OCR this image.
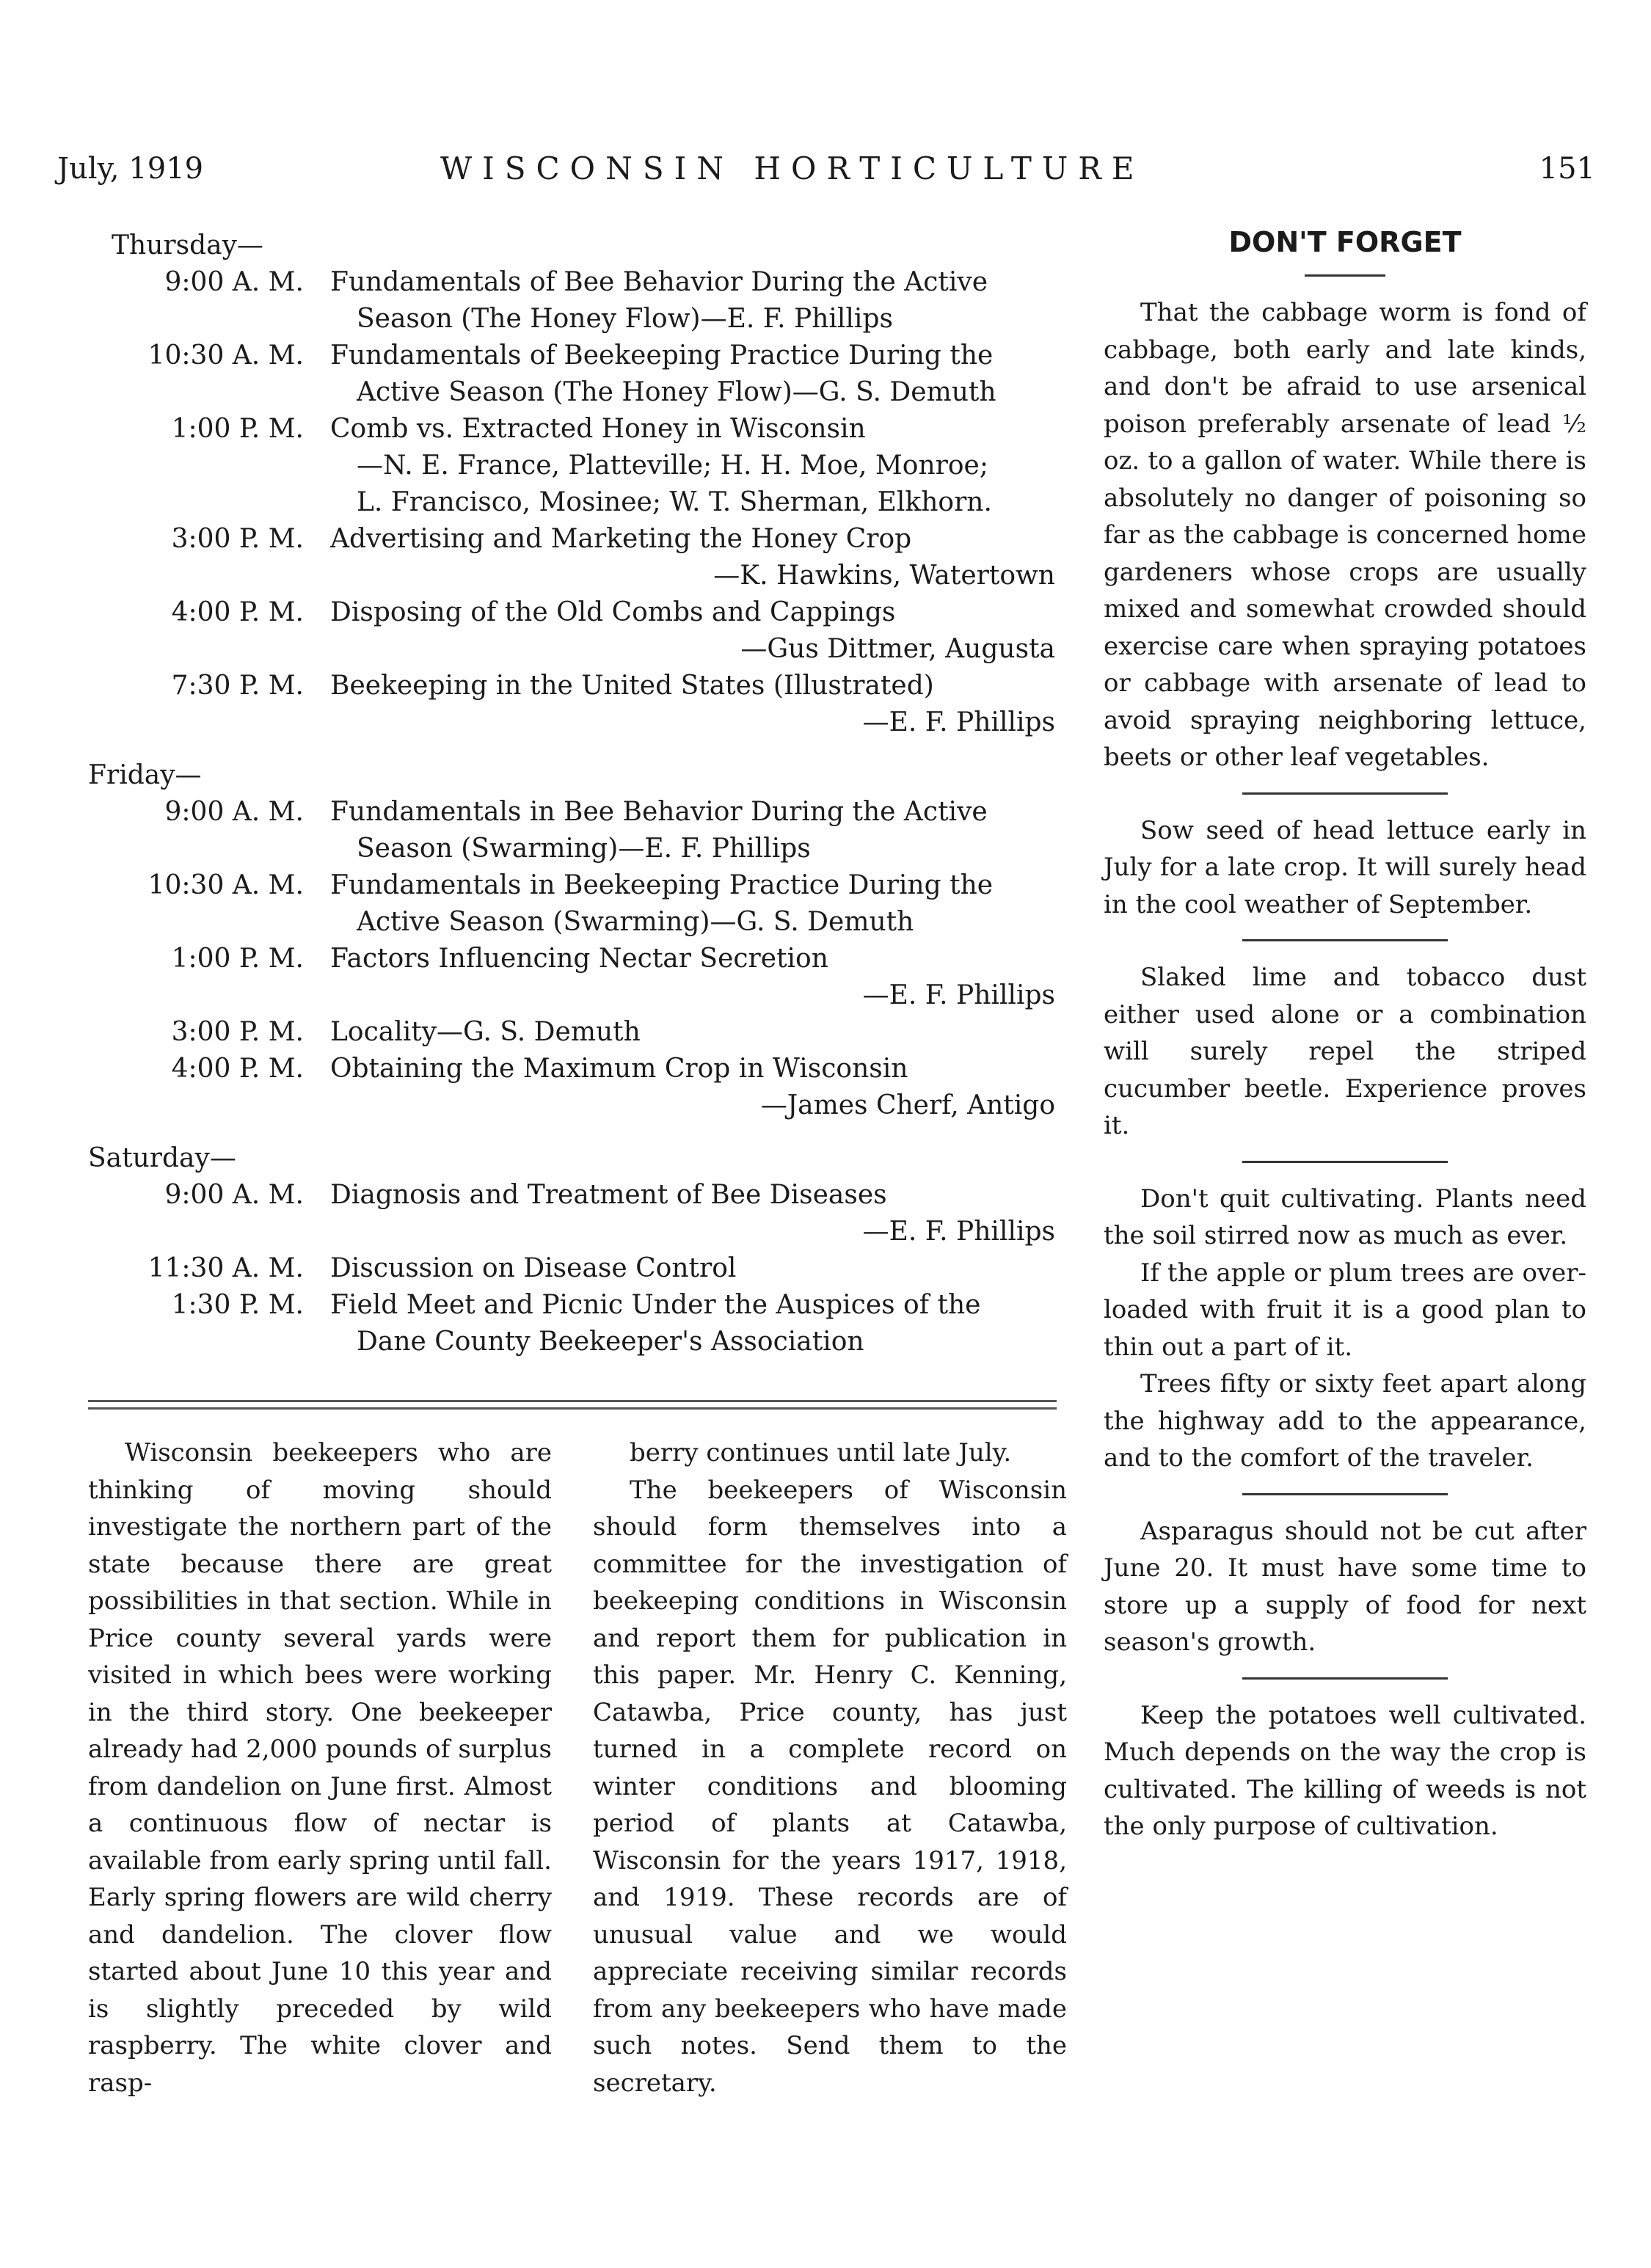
July, 1919	WISCONSIN HORTICULTURE	151

Thursday—

9:00 A. M.	Fundamentals of Bee Behavior During the Active
Season (The Honey Flow)—E. F. Phillips
10:30 A. M.	Fundamentals of Beekeeping Practice During the
Active Season (The Honey Flow)—G. S. Demuth
1:00 P. M.	Comb vs. Extracted Honey in Wisconsin
—N. E. France, Platteville; H. H. Moe, Monroe;
L. Francisco, Mosinee; W. T. Sherman, Elkhorn.
3:00 P. M.	Advertising and Marketing the Honey Crop
—K. Hawkins, Watertown
4:00 P. M.	Disposing of the Old Combs and Cappings
—Gus Dittmer, Augusta
7:30 P. M.	Beekeeping in the United States (Illustrated)
—E. F. Phillips

Friday—

9:00 A. M.	Fundamentals in Bee Behavior During the Active
Season (Swarming)—E. F. Phillips
10:30 A. M.	Fundamentals in Beekeeping Practice During the
Active Season (Swarming)—G. S. Demuth
1:00 P. M.	Factors Influencing Nectar Secretion
—E. F. Phillips
3:00 P. M.	Locality—G. S. Demuth
4:00 P. M.	Obtaining the Maximum Crop in Wisconsin
—James Cherf, Antigo

Saturday—

9:00 A. M.	Diagnosis and Treatment of Bee Diseases
—E. F. Phillips
11:30 A. M.	Discussion on Disease Control
1:30 P. M.	Field Meet and Picnic Under the Auspices of the
Dane County Beekeeper's Association

Wisconsin beekeepers who are thinking of moving should investigate the northern part of the state because there are great possibilities in that section. While in Price county several yards were visited in which bees were working in the third story. One beekeeper already had 2,000 pounds of surplus from dandelion on June first. Almost a continuous flow of nectar is available from early spring until fall. Early spring flowers are wild cherry and dandelion. The clover flow started about June 10 this year and is slightly preceded by wild raspberry. The white clover and rasp-

berry continues until late July.

The beekeepers of Wisconsin should form themselves into a committee for the investigation of beekeeping conditions in Wisconsin and report them for publication in this paper. Mr. Henry C. Kenning, Catawba, Price county, has just turned in a complete record on winter conditions and blooming period of plants at Catawba, Wisconsin for the years 1917, 1918, and 1919. These records are of unusual value and we would appreciate receiving similar records from any beekeepers who have made such notes. Send them to the secretary.

DON'T FORGET

That the cabbage worm is fond of cabbage, both early and late kinds, and don't be afraid to use arsenical poison preferably arsenate of lead ½ oz. to a gallon of water. While there is absolutely no danger of poisoning so far as the cabbage is concerned home gardeners whose crops are usually mixed and somewhat crowded should exercise care when spraying potatoes or cabbage with arsenate of lead to avoid spraying neighboring lettuce, beets or other leaf vegetables.

Sow seed of head lettuce early in July for a late crop. It will surely head in the cool weather of September.

Slaked lime and tobacco dust either used alone or a combination will surely repel the striped cucumber beetle. Experience proves it.

Don't quit cultivating. Plants need the soil stirred now as much as ever.

If the apple or plum trees are over-loaded with fruit it is a good plan to thin out a part of it.

Trees fifty or sixty feet apart along the highway add to the appearance, and to the comfort of the traveler.

Asparagus should not be cut after June 20. It must have some time to store up a supply of food for next season's growth.

Keep the potatoes well cultivated. Much depends on the way the crop is cultivated. The killing of weeds is not the only purpose of cultivation.
